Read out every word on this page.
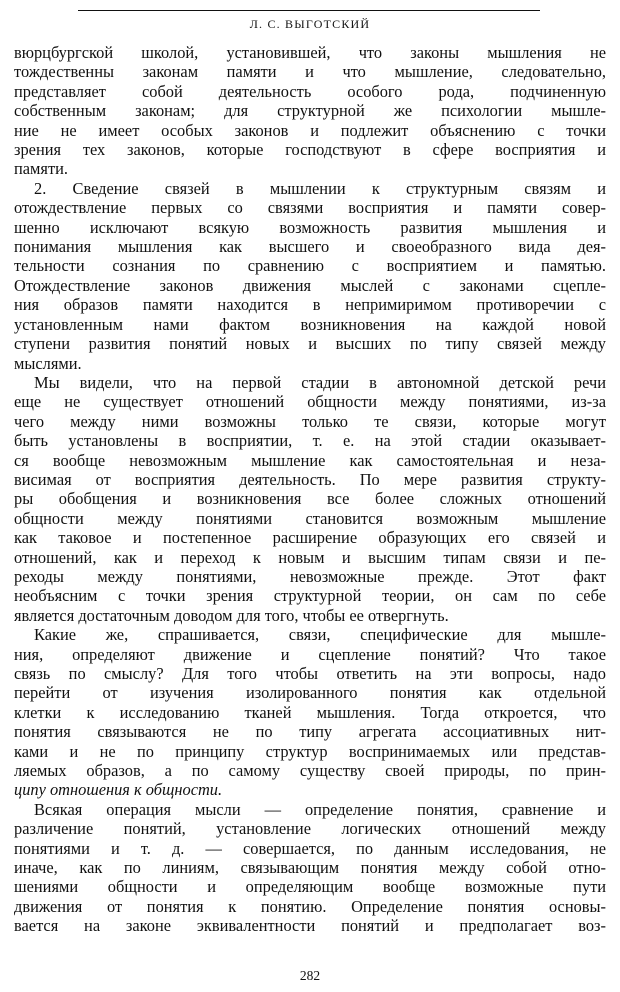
Л. С. ВЫГОТСКИЙ
вюрцбургской школой, установившей, что законы мышления не
тождественны законам памяти и что мышление, следовательно,
представляет собой деятельность особого рода, подчиненную
собственным законам; для структурной же психологии мышле-
ние не имеет особых законов и подлежит объяснению с точки
зрения тех законов, которые господствуют в сфере восприятия и
памяти.
2. Сведение связей в мышлении к структурным связям и
отождествление первых со связями восприятия и памяти совер-
шенно исключают всякую возможность развития мышления и
понимания мышления как высшего и своеобразного вида дея-
тельности сознания по сравнению с восприятием и памятью.
Отождествление законов движения мыслей с законами сцепле-
ния образов памяти находится в непримиримом противоречии с
установленным нами фактом возникновения на каждой новой
ступени развития понятий новых и высших по типу связей между
мыслями.
Мы видели, что на первой стадии в автономной детской речи
еще не существует отношений общности между понятиями, из-за
чего между ними возможны только те связи, которые могут
быть установлены в восприятии, т. е. на этой стадии оказывает-
ся вообще невозможным мышление как самостоятельная и неза-
висимая от восприятия деятельность. По мере развития структу-
ры обобщения и возникновения все более сложных отношений
общности между понятиями становится возможным мышление
как таковое и постепенное расширение образующих его связей и
отношений, как и переход к новым и высшим типам связи и пе-
реходы между понятиями, невозможные прежде. Этот факт
необъясним с точки зрения структурной теории, он сам по себе
является достаточным доводом для того, чтобы ее отвергнуть.
Какие же, спрашивается, связи, специфические для мышле-
ния, определяют движение и сцепление понятий? Что такое
связь по смыслу? Для того чтобы ответить на эти вопросы, надо
перейти от изучения изолированного понятия как отдельной
клетки к исследованию тканей мышления. Тогда откроется, что
понятия связываются не по типу агрегата ассоциативных нит-
ками и не по принципу структур воспринимаемых или представ-
ляемых образов, а по самому существу своей природы, по прин-
ципу отношения к общности.
Всякая операция мысли — определение понятия, сравнение и
различение понятий, установление логических отношений между
понятиями и т. д. — совершается, по данным исследования, не
иначе, как по линиям, связывающим понятия между собой отно-
шениями общности и определяющим вообще возможные пути
движения от понятия к понятию. Определение понятия основы-
вается на законе эквивалентности понятий и предполагает воз-
282
